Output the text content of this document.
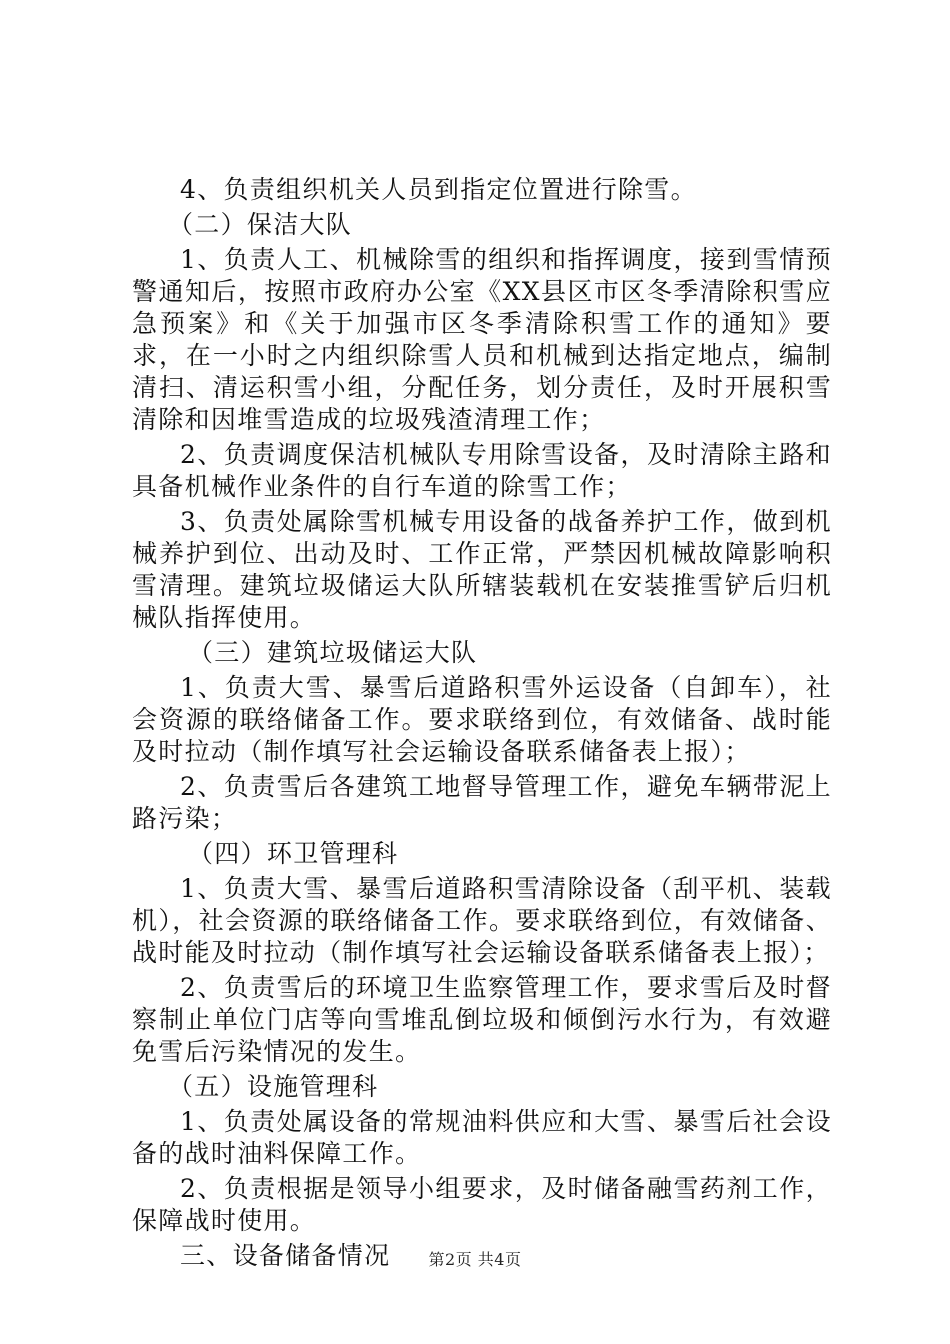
4、负责组织机关人员到指定位置进行除雪。

（二）保洁大队

1、负责人工、机械除雪的组织和指挥调度，接到雪情预警通知后，按照市政府办公室《XX县区市区冬季清除积雪应急预案》和《关于加强市区冬季清除积雪工作的通知》要求，在一小时之内组织除雪人员和机械到达指定地点，编制清扫、清运积雪小组，分配任务，划分责任，及时开展积雪清除和因堆雪造成的垃圾残渣清理工作；

2、负责调度保洁机械队专用除雪设备，及时清除主路和具备机械作业条件的自行车道的除雪工作；

3、负责处属除雪机械专用设备的战备养护工作，做到机械养护到位、出动及时、工作正常，严禁因机械故障影响积雪清理。建筑垃圾储运大队所辖装载机在安装推雪铲后归机械队指挥使用。

（三）建筑垃圾储运大队

1、负责大雪、暴雪后道路积雪外运设备（自卸车），社会资源的联络储备工作。要求联络到位，有效储备、战时能及时拉动（制作填写社会运输设备联系储备表上报）；

2、负责雪后各建筑工地督导管理工作，避免车辆带泥上路污染；

（四）环卫管理科

1、负责大雪、暴雪后道路积雪清除设备（刮平机、装载机），社会资源的联络储备工作。要求联络到位，有效储备、战时能及时拉动（制作填写社会运输设备联系储备表上报）；

2、负责雪后的环境卫生监察管理工作，要求雪后及时督察制止单位门店等向雪堆乱倒垃圾和倾倒污水行为，有效避免雪后污染情况的发生。

（五）设施管理科

1、负责处属设备的常规油料供应和大雪、暴雪后社会设备的战时油料保障工作。

2、负责根据是领导小组要求，及时储备融雪药剂工作，保障战时使用。

三、设备储备情况	第2页 共4页
